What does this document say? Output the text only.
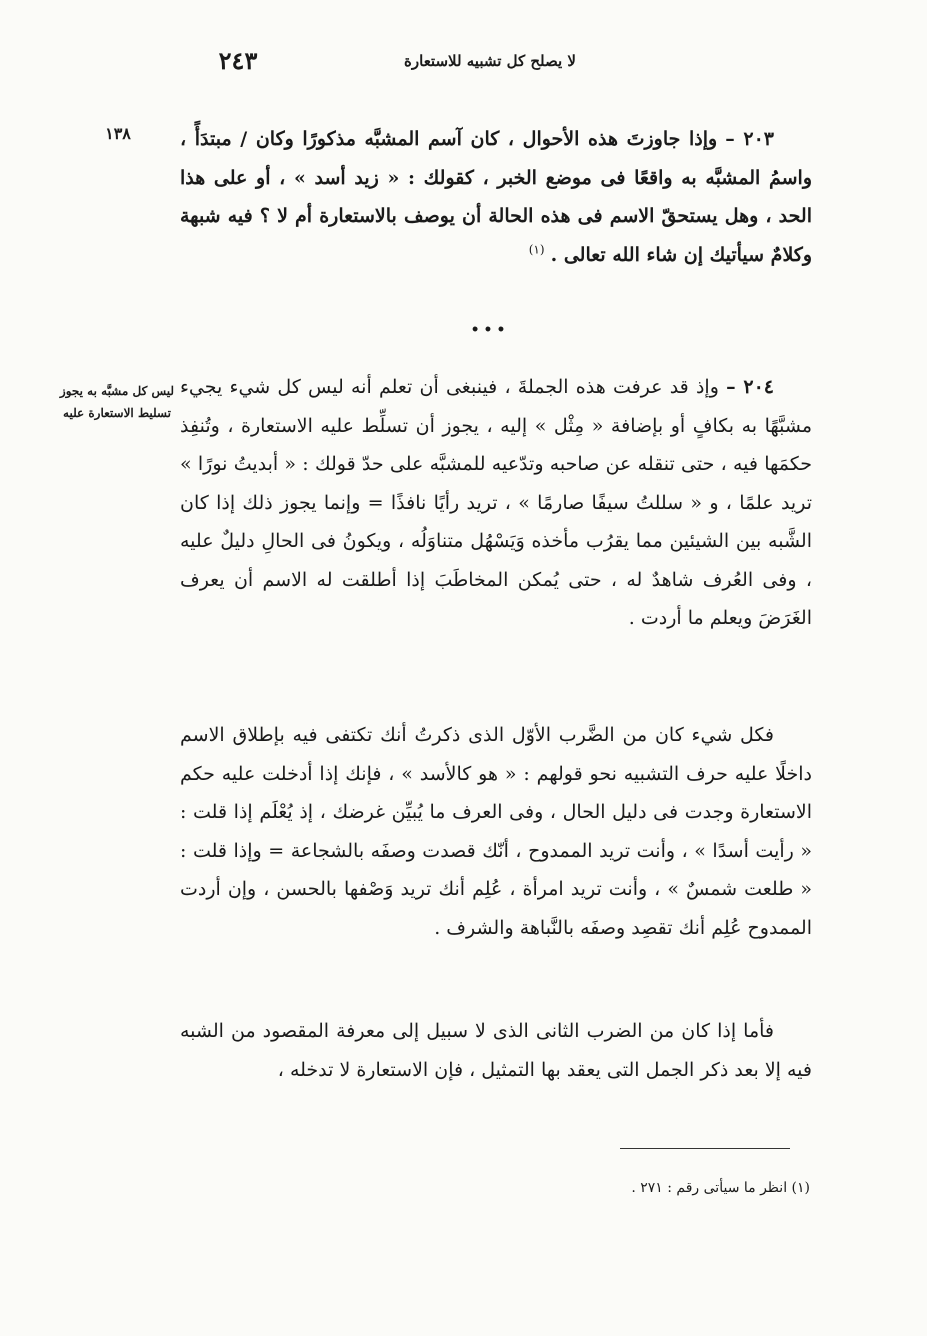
لا يصلح كل تشبيه للاستعارة
٢٤٣
١٣٨	٢٠٣ – وإذا جاوزتَ هذه الأحوال ، كان آسم المشبَّه مذكورًا وكان / مبتدَأً ، واسمُ المشبَّه به واقعًا فى موضع الخبر ، كقولك : « زيد أسد » ، أو على هذا الحد ، وهل يستحقّ الاسم فى هذه الحالة أن يوصف بالاستعارة أم لا ؟ فيه شبهة وكلامٌ سيأتيك إن شاء الله تعالى . $^{(١)}$

•••
ليس كل مشبَّه به يجوز تسليط الاستعارة عليه

٢٠٤ – وإذ قد عرفت هذه الجملةَ ، فينبغى أن تعلم أنه ليس كل شيء يجيء مشبَّهًا به بكافٍ أو بإضافة « مِثْل » إليه ، يجوز أن تسلِّط عليه الاستعارة ، وتُنفِذ حكمَها فيه ، حتى تنقله عن صاحبه وتدّعيه للمشبَّه على حدّ قولك : « أبديتُ نورًا » تريد علمًا ، و « سللتُ سيفًا صارمًا » ، تريد رأيًا نافذًا = وإنما يجوز ذلك إذا كان الشَّبه بين الشيئين مما يقرُب مأخذه وَيَسْهُل متناوَلُه ، ويكونُ فى الحالِ دليلٌ عليه ، وفى العُرف شاهدٌ له ، حتى يُمكن المخاطَبَ إذا أطلقت له الاسم أن يعرف الغَرَضَ ويعلم ما أردت .

فكل شيء كان من الضَّرب الأوّل الذى ذكرتُ أنك تكتفى فيه بإطلاق الاسم داخلًا عليه حرف التشبيه نحو قولهم : « هو كالأسد » ، فإنك إذا أدخلت عليه حكم الاستعارة وجدت فى دليل الحال ، وفى العرف ما يُبيِّن غرضك ، إذ يُعْلَم إذا قلت : « رأيت أسدًا » ، وأنت تريد الممدوح ، أنّك قصدت وصفَه بالشجاعة = وإذا قلت : « طلعت شمسٌ » ، وأنت تريد امرأة ، عُلِم أنك تريد وَصْفها بالحسن ، وإن أردت الممدوح عُلِم أنك تقصِد وصفَه بالنَّباهة والشرف .

فأما إذا كان من الضرب الثانى الذى لا سبيل إلى معرفة المقصود من الشبه فيه إلا بعد ذكر الجمل التى يعقد بها التمثيل ، فإن الاستعارة لا تدخله ،

(١) انظر ما سيأتى رقم : ٢٧١ .
